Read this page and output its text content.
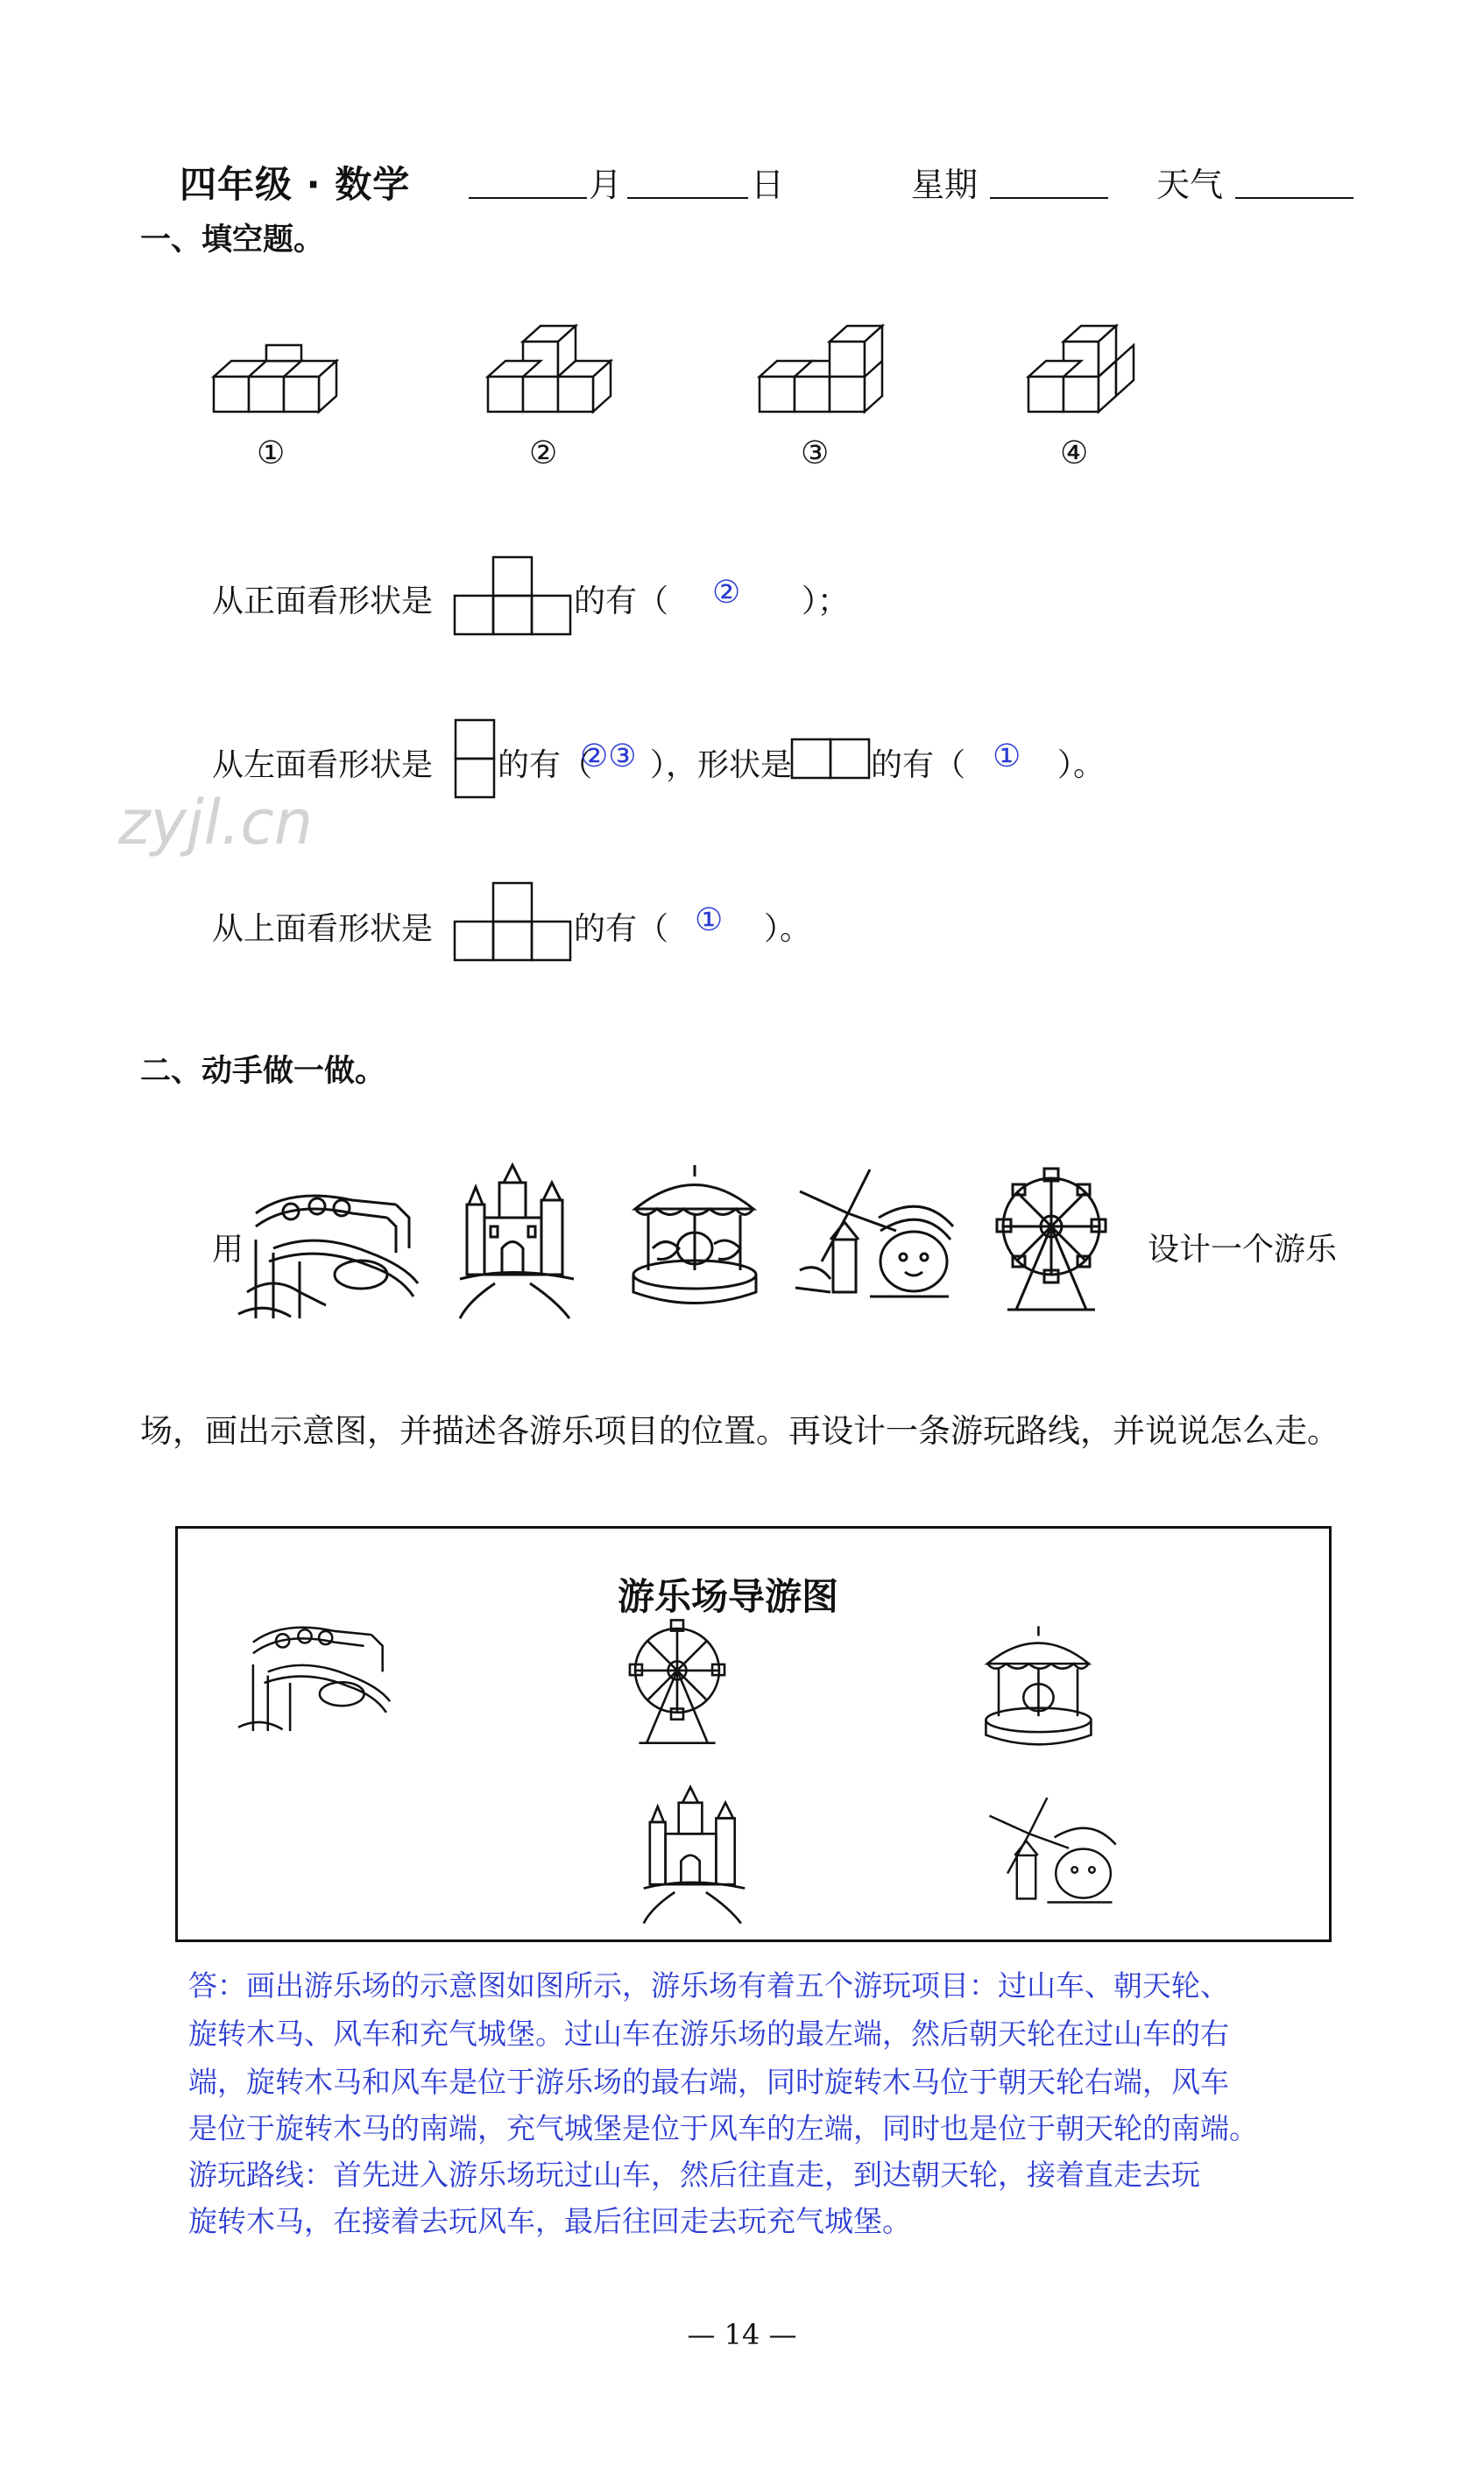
四年级 · 数学	月	日	星期	天气
一、填空题。
①	②	③	④
从正面看形状是	的有（ ② ）；
从左面看形状是 的有（
②③ ），形状是 的有（ ① ）。
zyjl.cn
从上面看形状是	的有（ ① ）。
二、动手做一做。
用	设计一个游乐
场，画出示意图，并描述各游乐项目的位置。再设计一条游玩路线，并说说怎么走。
游乐场导游图
答：画出游乐场的示意图如图所示，游乐场有着五个游玩项目：过山车、朝天轮、
旋转木马、风车和充气城堡。过山车在游乐场的最左端，然后朝天轮在过山车的右
端，旋转木马和风车是位于游乐场的最右端，同时旋转木马位于朝天轮右端，风车
是位于旋转木马的南端，充气城堡是位于风车的左端，同时也是位于朝天轮的南端。
游玩路线：首先进入游乐场玩过山车，然后往直走，到达朝天轮，接着直走去玩
旋转木马，在接着去玩风车，最后往回走去玩充气城堡。
— 14 —
